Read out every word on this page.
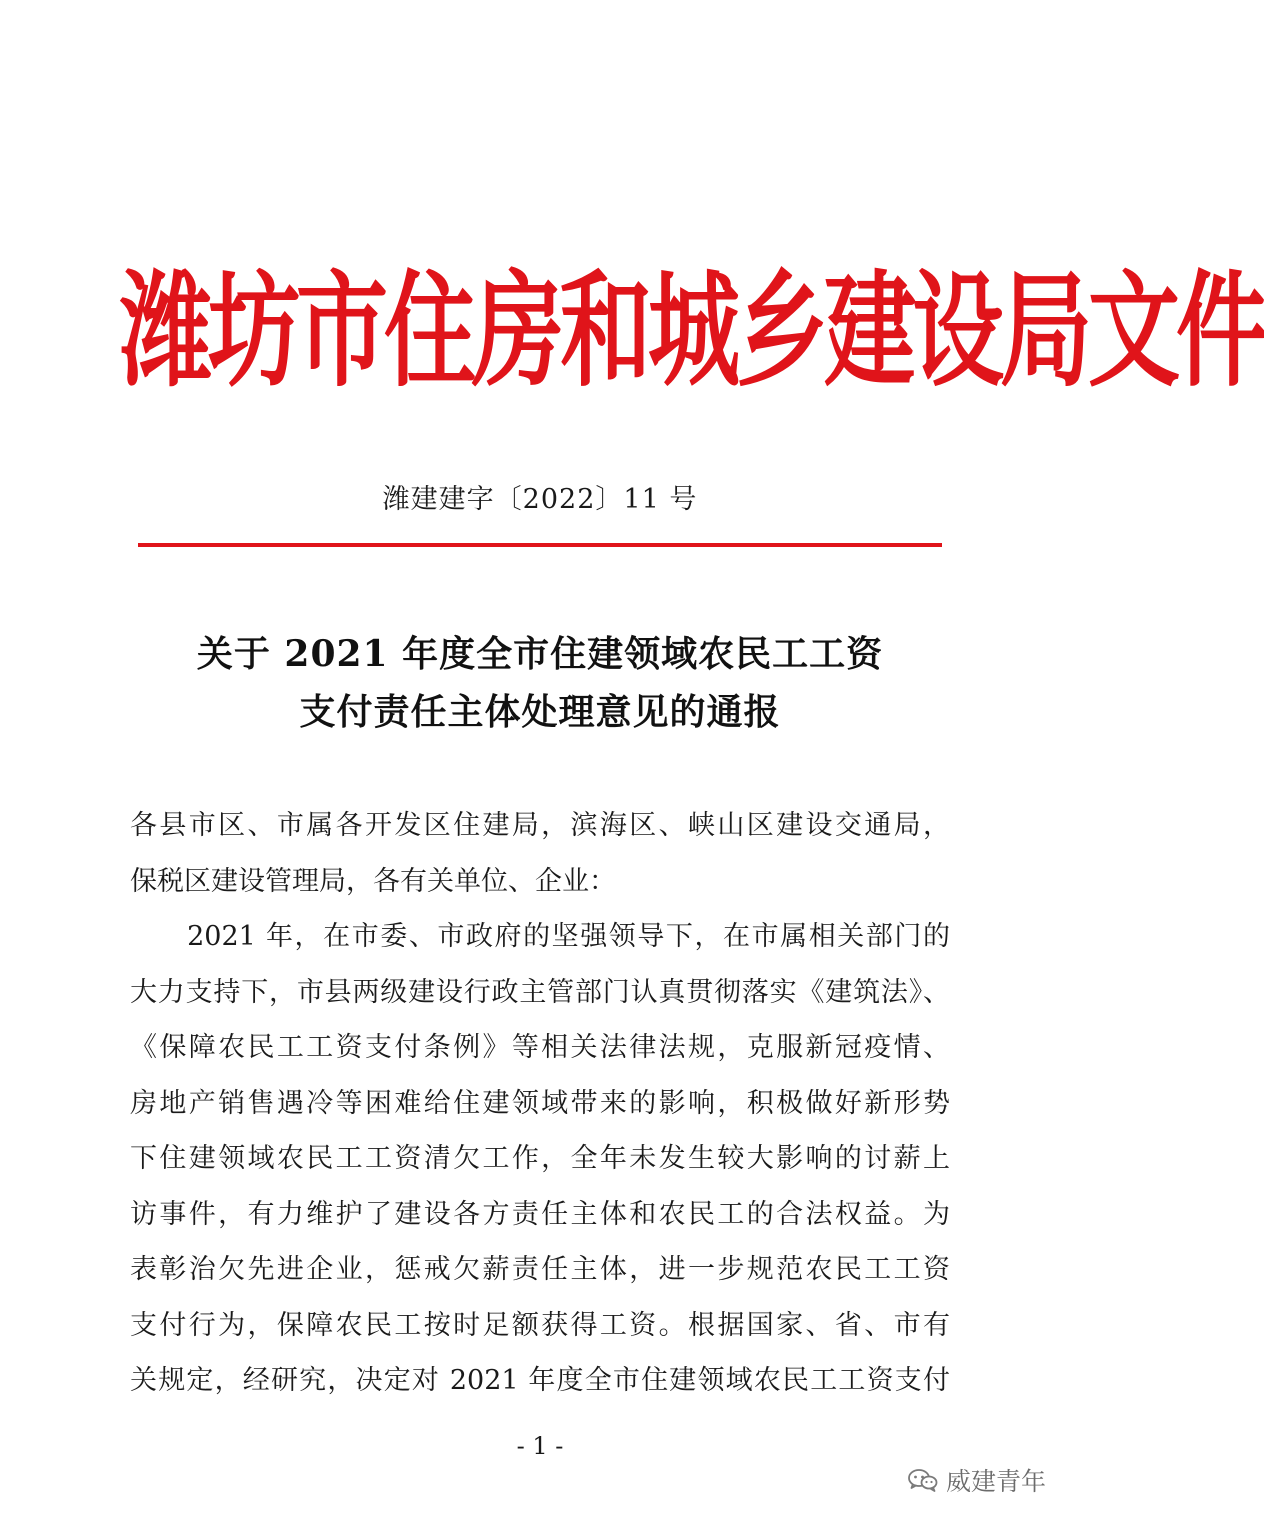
潍坊市住房和城乡建设局文件
潍建建字〔2022〕11 号
关于 2021 年度全市住建领域农民工工资
支付责任主体处理意见的通报
各县市区、市属各开发区住建局，滨海区、峡山区建设交通局，
保税区建设管理局，各有关单位、企业：
　　2021 年，在市委、市政府的坚强领导下，在市属相关部门的
大力支持下，市县两级建设行政主管部门认真贯彻落实《建筑法》、
《保障农民工工资支付条例》等相关法律法规，克服新冠疫情、
房地产销售遇冷等困难给住建领域带来的影响，积极做好新形势
下住建领域农民工工资清欠工作，全年未发生较大影响的讨薪上
访事件，有力维护了建设各方责任主体和农民工的合法权益。为
表彰治欠先进企业，惩戒欠薪责任主体，进一步规范农民工工资
支付行为，保障农民工按时足额获得工资。根据国家、省、市有
关规定，经研究，决定对 2021 年度全市住建领域农民工工资支付
- 1 -
威建青年
